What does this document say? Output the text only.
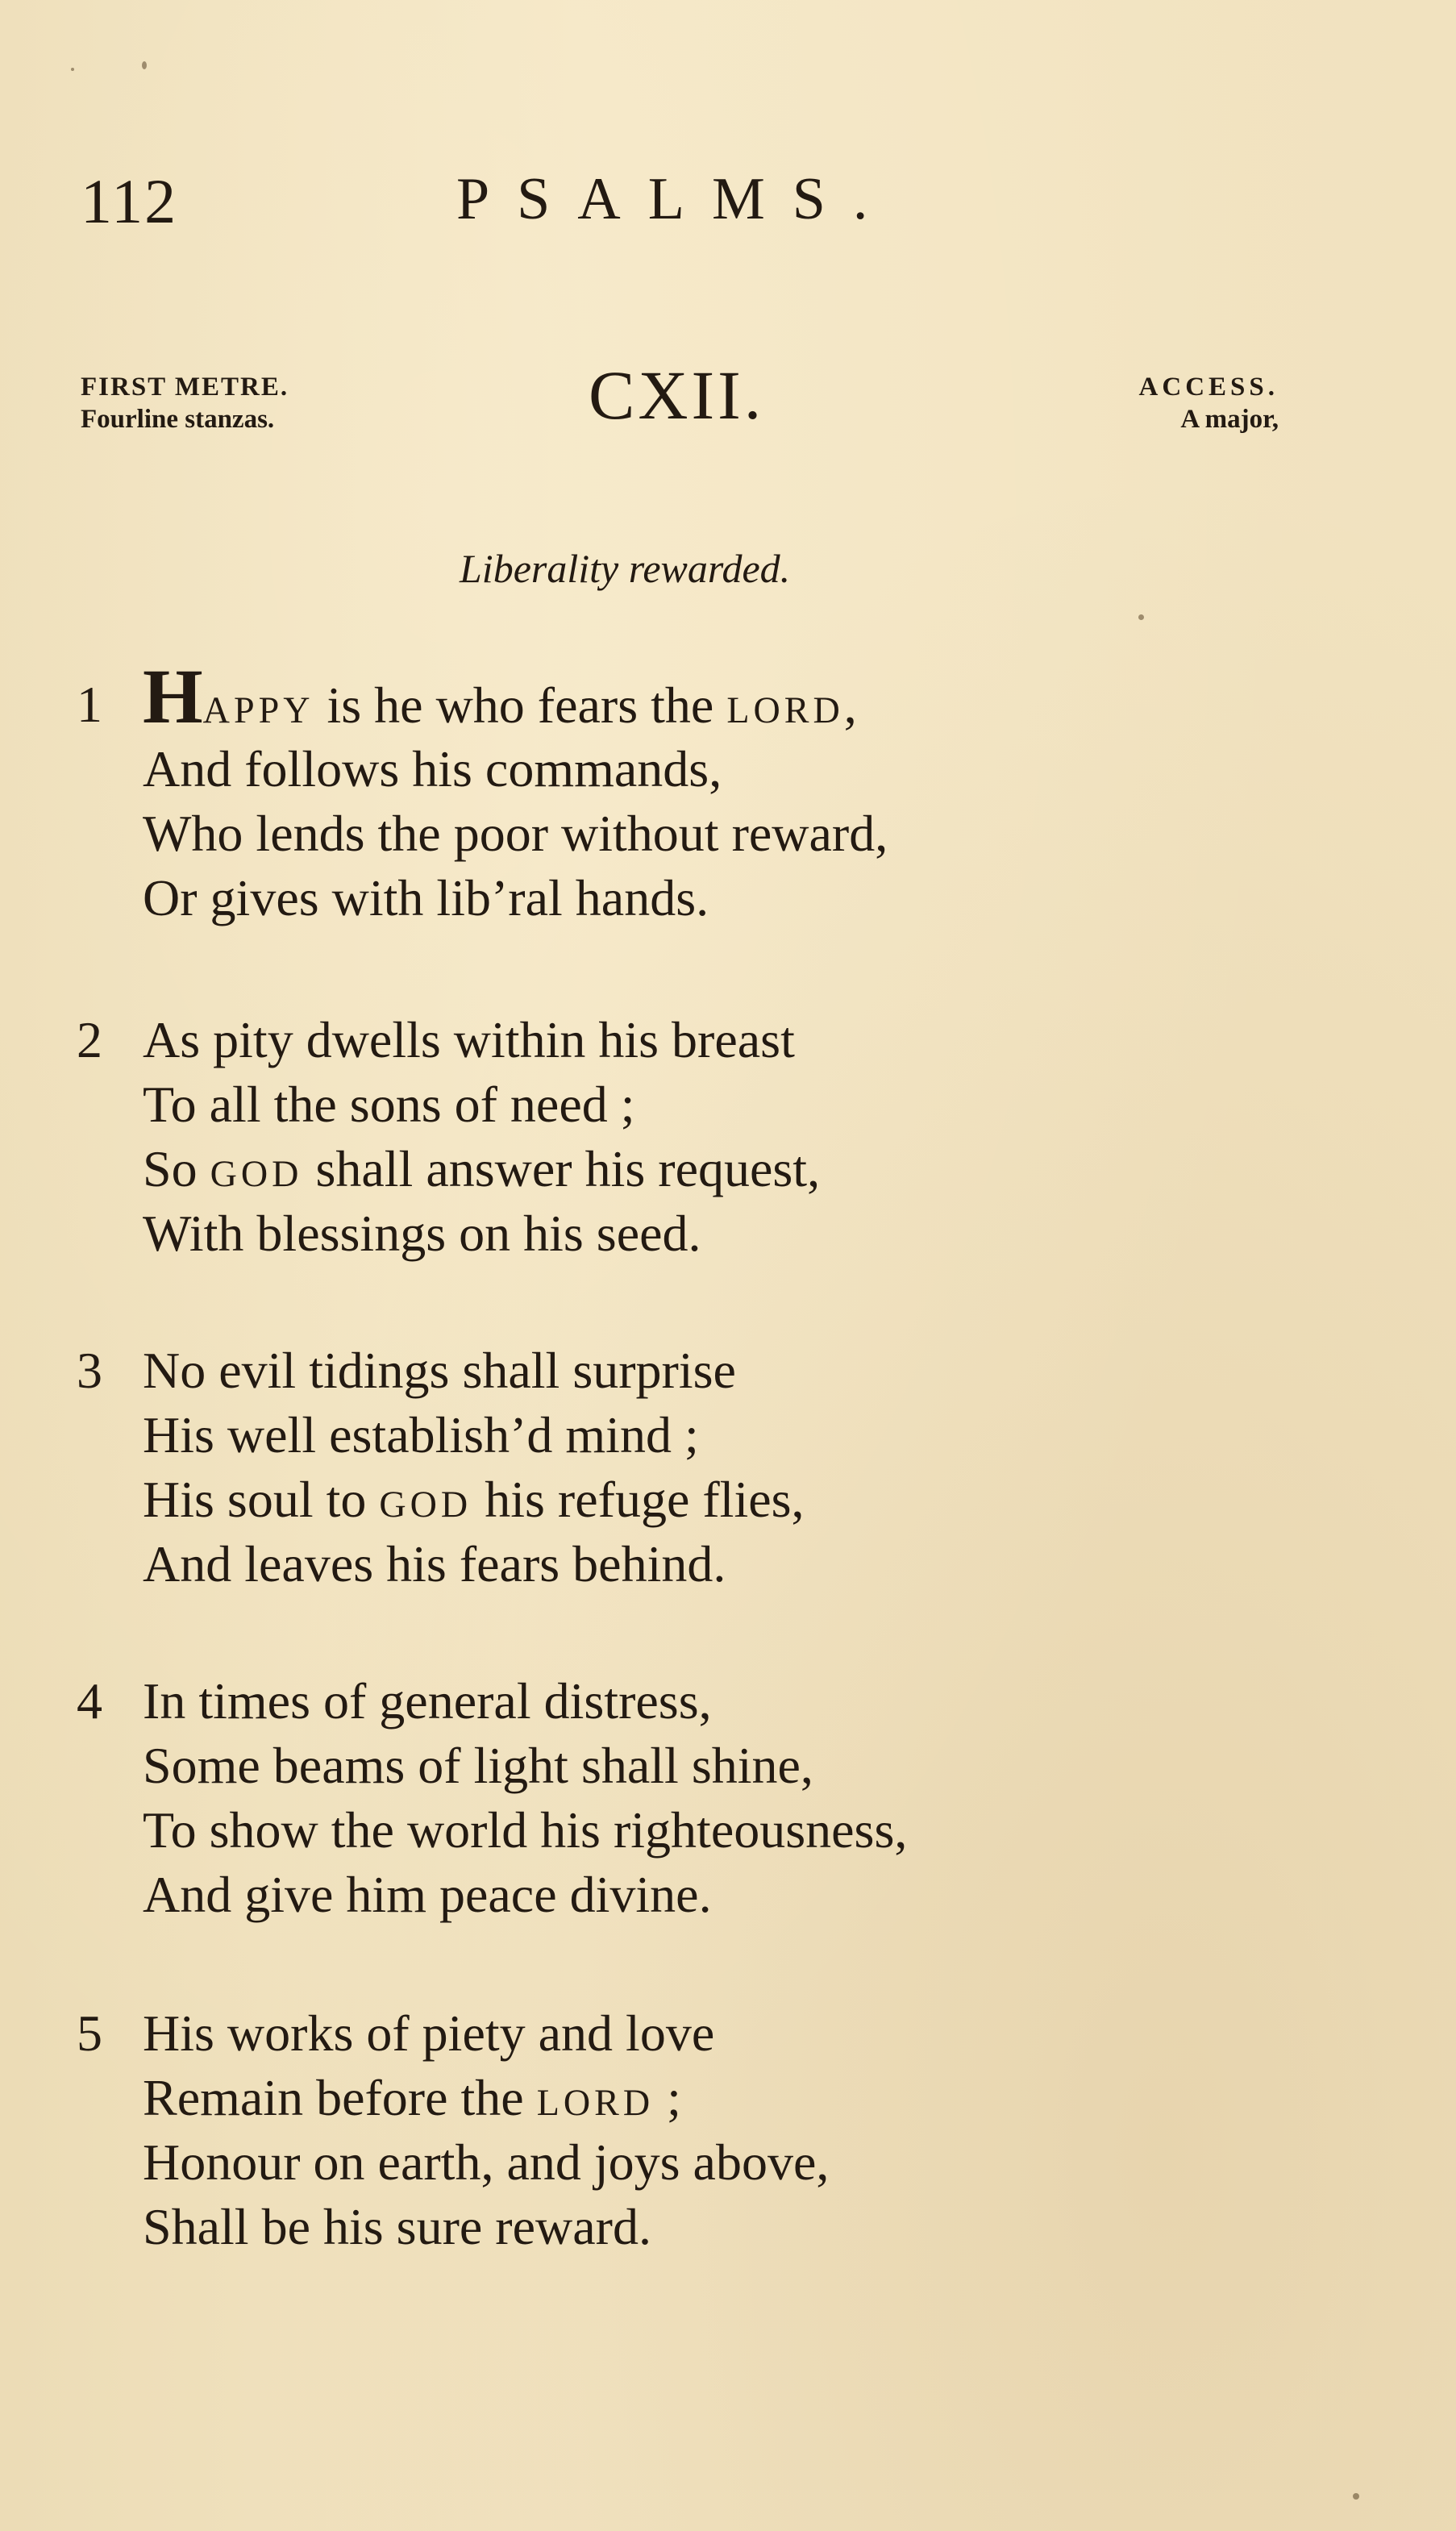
112	PSALMS.
FIRST METRE.
Fourline stanzas.	CXII.	ACCESS.
A major,
Liberality rewarded.
1 HAPPY is he who fears the LORD,
And follows his commands,
Who lends the poor without reward,
Or gives with lib’ral hands.
2 As pity dwells within his breast
To all the sons of need ;
So GOD shall answer his request,
With blessings on his seed.
3 No evil tidings shall surprise
His well establish’d mind ;
His soul to GOD his refuge flies,
And leaves his fears behind.
4 In times of general distress,
Some beams of light shall shine,
To show the world his righteousness,
And give him peace divine.
5 His works of piety and love
Remain before the LORD ;
Honour on earth, and joys above,
Shall be his sure reward.
